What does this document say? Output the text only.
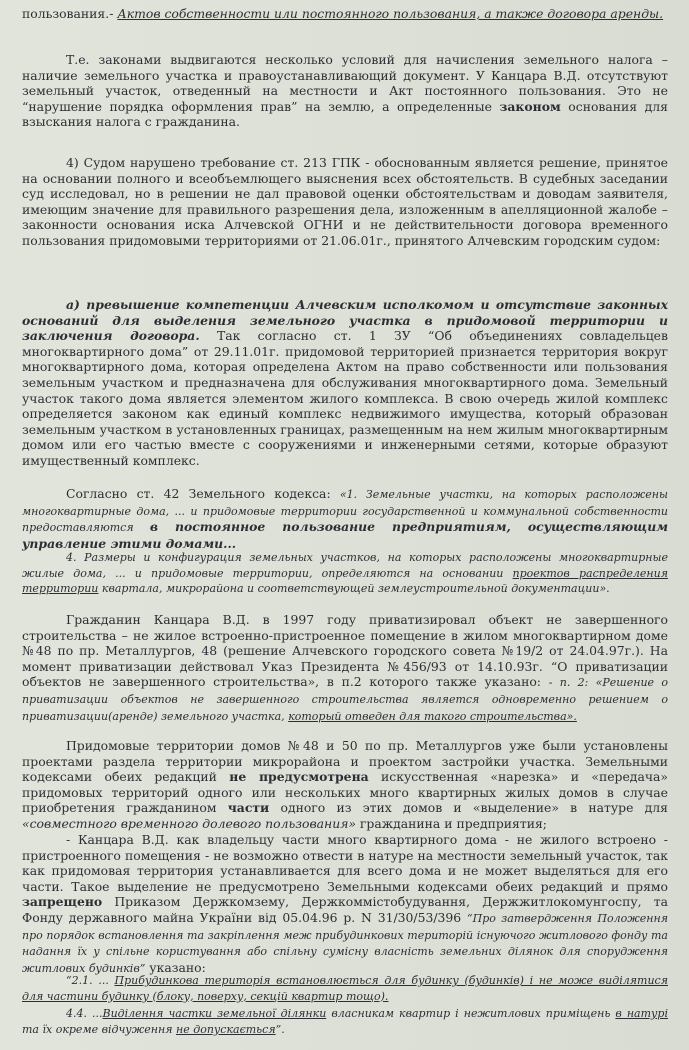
пользования.- Актов собственности или постоянного пользования, а также договора аренды.

Т.е. законами выдвигаются несколько условий для начисления земельного налога – наличие земельного участка и правоустанавливающий документ. У Канцара В.Д. отсутствуют земельный участок, отведенный на местности и Акт постоянного пользования. Это не “нарушение порядка оформления прав” на землю, а определенные законом основания для взыскания налога с гражданина.

4) Судом нарушено требование ст. 213 ГПК - обоснованным является решение, принятое на основании полного и всеобъемлющего выяснения всех обстоятельств. В судебных заседании суд исследовал, но в решении не дал правовой оценки обстоятельствам и доводам заявителя, имеющим значение для правильного разрешения дела, изложенным в апелляционной жалобе – законности основания иска Алчевской ОГНИ и не действительности договора временного пользования придомовыми территориями от 21.06.01г., принятого Алчевским городским судом:

а) превышение компетенции Алчевским исполкомом и отсутствие законных оснований для выделения земельного участка в придомовой территории и заключения договора. Так согласно ст. 1 ЗУ “Об объединениях совладельцев многоквартирного дома” от 29.11.01г. придомовой территорией признается территория вокруг многоквартирного дома, которая определена Актом на право собственности или пользования земельным участком и предназначена для обслуживания многоквартирного дома. Земельный участок такого дома является элементом жилого комплекса. В свою очередь жилой комплекс определяется законом как единый комплекс недвижимого имущества, который образован земельным участком в установленных границах, размещенным на нем жилым многоквартирным домом или его частью вместе с сооружениями и инженерными сетями, которые образуют имущественный комплекс.

Согласно ст. 42 Земельного кодекса: «1. Земельные участки, на которых расположены многоквартирные дома, ... и придомовые территории государственной и коммунальной собственности предоставляются в постоянное пользование предприятиям, осуществляющим управление этими домами...

4. Размеры и конфигурация земельных участков, на которых расположены многоквартирные жилые дома, ... и придомовые территории, определяются на основании проектов распределения территории квартала, микрорайона и соответствующей землеустроительной документации».

Гражданин Канцара В.Д. в 1997 году приватизировал объект не завершенного строительства – не жилое встроенно-пристроенное помещение в жилом многоквартирном доме №48 по пр. Металлургов, 48 (решение Алчевского городского совета №19/2 от 24.04.97г.). На момент приватизации действовал Указ Президента №456/93 от 14.10.93г. “О приватизации объектов не завершенного строительства», в п.2 которого также указано: - п. 2: «Решение о приватизации объектов не завершенного строительства является одновременно решением о приватизации(аренде) земельного участка, который отведен для такого строительства».

Придомовые территории домов №48 и 50 по пр. Металлургов уже были установлены проектами раздела территории микрорайона и проектом застройки участка. Земельными кодексами обеих редакций не предусмотрена искусственная «нарезка» и «передача» придомовых территорий одного или нескольких много квартирных жилых домов в случае приобретения гражданином части одного из этих домов и «выделение» в натуре для «совместного временного долевого пользования» гражданина и предприятия;

- Канцара В.Д. как владельцу части много квартирного дома - не жилого встроено - пристроенного помещения - не возможно отвести в натуре на местности земельный участок, так как придомовая территория устанавливается для всего дома и не может выделяться для его части. Такое выделение не предусмотрено Земельными кодексами обеих редакций и прямо запрещено Приказом Держкомзему, Держкоммістобудування, Держжитлокомунгоспу, та Фонду державного майна України від 05.04.96 р. N 31/30/53/396 “Про затвердження Положення про порядок встановлення та закріплення меж прибудинкових територій існуючого житлового фонду та надання їх у спільне користування або спільну сумісну власність земельних ділянок для спорудження житлових будинків” указано:

“2.1. ... Прибудинкова територія встановлюється для будинку (будинків) і не може виділятися для частини будинку (блоку, поверху, секцій квартир тощо).

4.4. ...Виділення частки земельної ділянки власникам квартир і нежитлових приміщень в натурі та їх окреме відчуження не допускається”.
